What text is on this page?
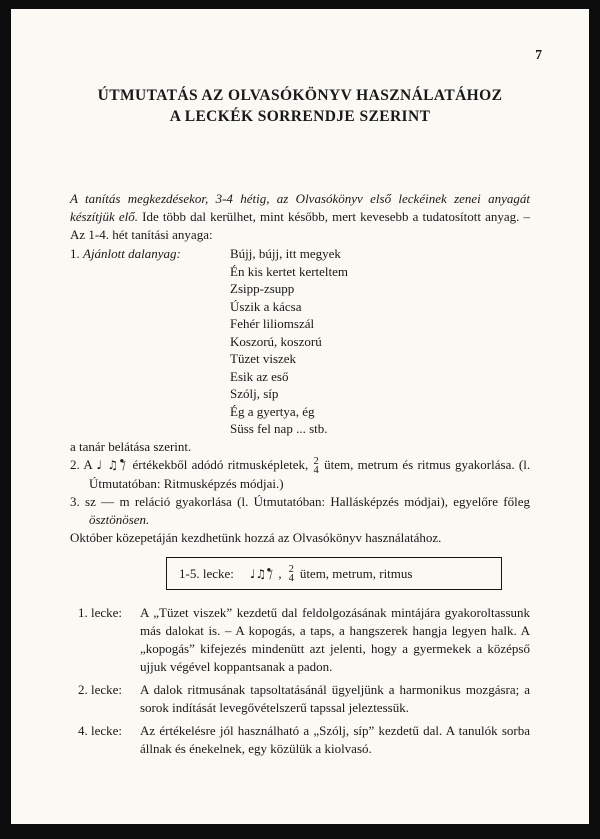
7
ÚTMUTATÁS AZ OLVASÓKÖNYV HASZNÁLATÁHOZ
A LECKÉK SORRENDJE SZERINT

A tanítás megkezdésekor, 3-4 hétig, az Olvasókönyv első leckéinek zenei anyagát készítjük elő. Ide több dal kerülhet, mint később, mert kevesebb a tudatosított anyag. – Az 1-4. hét tanítási anyaga:

1. Ajánlott dalanyag:	Bújj, bújj, itt megyek
Én kis kertet kerteltem
Zsipp-zsupp
Úszik a kácsa
Fehér liliomszál
Koszorú, koszorú
Tüzet viszek
Esik az eső
Szólj, síp
Ég a gyertya, ég
Süss fel nap ... stb.

a tanár belátása szerint.

2. A ♩ ♫ értékekből adódó ritmusképletek, 2
4 ütem, metrum és ritmus gyakorlása. (l. Útmutatóban: Ritmusképzés módjai.)

3. sz — m reláció gyakorlása (l. Útmutatóban: Hallásképzés módjai), egyelőre főleg ösztönösen.

Október közepetáján kezdhetünk hozzá az Olvasókönyv használatához.

1-5. lecke: ♩ ♫ , 2
4 ütem, metrum, ritmus
1. lecke:	A „Tüzet viszek” kezdetű dal feldolgozásának mintájára gyakoroltassunk más dalokat is. – A kopogás, a taps, a hangszerek hangja legyen halk. A „kopogás” kifejezés mindenütt azt jelenti, hogy a gyermekek a középső ujjuk végével koppantsanak a padon.
2. lecke:	A dalok ritmusának tapsoltatásánál ügyeljünk a harmonikus mozgásra; a sorok indítását levegővételszerű tapssal jeleztessük.
4. lecke:	Az értékelésre jól használható a „Szólj, síp” kezdetű dal. A tanulók sorba állnak és énekelnek, egy közülük a kiolvasó.
